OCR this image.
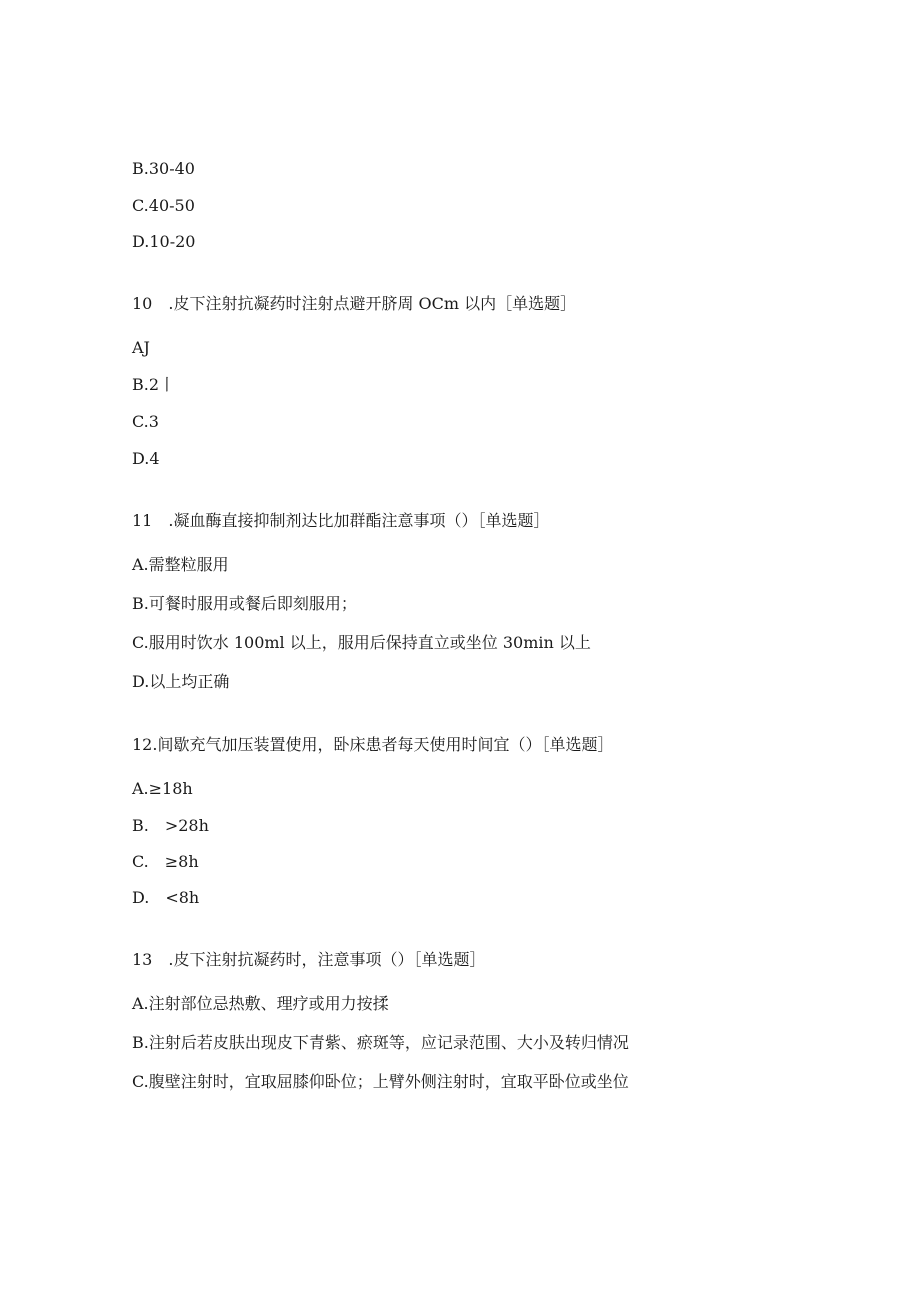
B.30-40
C.40-50
D.10-20
10　.皮下注射抗凝药时注射点避开脐周 OCm 以内［单选题］
AJ
B.2丨
C.3
D.4
11　.凝血酶直接抑制剂达比加群酯注意事项（）［单选题］
A.需整粒服用
B.可餐时服用或餐后即刻服用；
C.服用时饮水 100ml 以上，服用后保持直立或坐位 30min 以上
D.以上均正确
12.间歇充气加压装置使用，卧床患者每天使用时间宜（）［单选题］
A.≥18h
B.　>28h
C.　≥8h
D.　<8h
13　.皮下注射抗凝药时，注意事项（）［单选题］
A.注射部位忌热敷、理疗或用力按揉
B.注射后若皮肤出现皮下青紫、瘀斑等，应记录范围、大小及转归情况
C.腹壁注射时，宜取屈膝仰卧位；上臂外侧注射时，宜取平卧位或坐位
